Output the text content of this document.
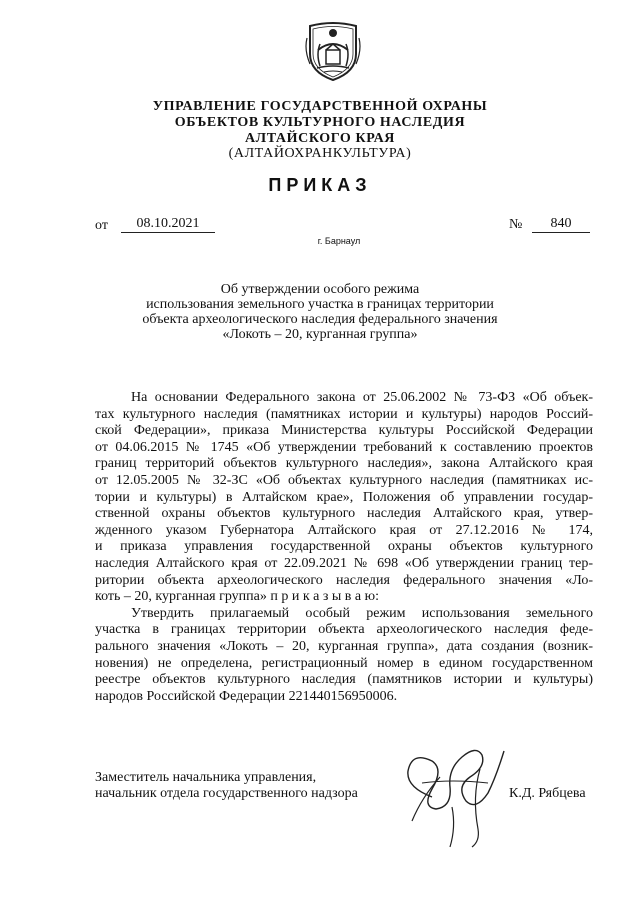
УПРАВЛЕНИЕ ГОСУДАРСТВЕННОЙ ОХРАНЫ
ОБЪЕКТОВ КУЛЬТУРНОГО НАСЛЕДИЯ
АЛТАЙСКОГО КРАЯ
(АЛТАЙОХРАНКУЛЬТУРА)
ПРИКАЗ
от	08.10.2021	№	840
г. Барнаул
Об утверждении особого режима
использования земельного участка в границах территории
объекта археологического наследия федерального значения
«Локоть – 20, курганная группа»
На основании Федерального закона от 25.06.2002 № 73-ФЗ «Об объек-
тах культурного наследия (памятниках истории и культуры) народов Россий-
ской Федерации», приказа Министерства культуры Российской Федерации
от 04.06.2015 № 1745 «Об утверждении требований к составлению проектов
границ территорий объектов культурного наследия», закона Алтайского края
от 12.05.2005 № 32-ЗС «Об объектах культурного наследия (памятниках ис-
тории и культуры) в Алтайском крае», Положения об управлении государ-
ственной охраны объектов культурного наследия Алтайского края, утвер-
жденного указом Губернатора Алтайского края от 27.12.2016 № 174,
и приказа управления государственной охраны объектов культурного
наследия Алтайского края от 22.09.2021 № 698 «Об утверждении границ тер-
ритории объекта археологического наследия федерального значения «Ло-
коть – 20, курганная группа» п р и к а з ы в а ю:
Утвердить прилагаемый особый режим использования земельного
участка в границах территории объекта археологического наследия феде-
рального значения «Локоть – 20, курганная группа», дата создания (возник-
новения) не определена, регистрационный номер в едином государственном
реестре объектов культурного наследия (памятников истории и культуры)
народов Российской Федерации 221440156950006.
Заместитель начальника управления,
начальник отдела государственного надзора	К.Д. Рябцева
